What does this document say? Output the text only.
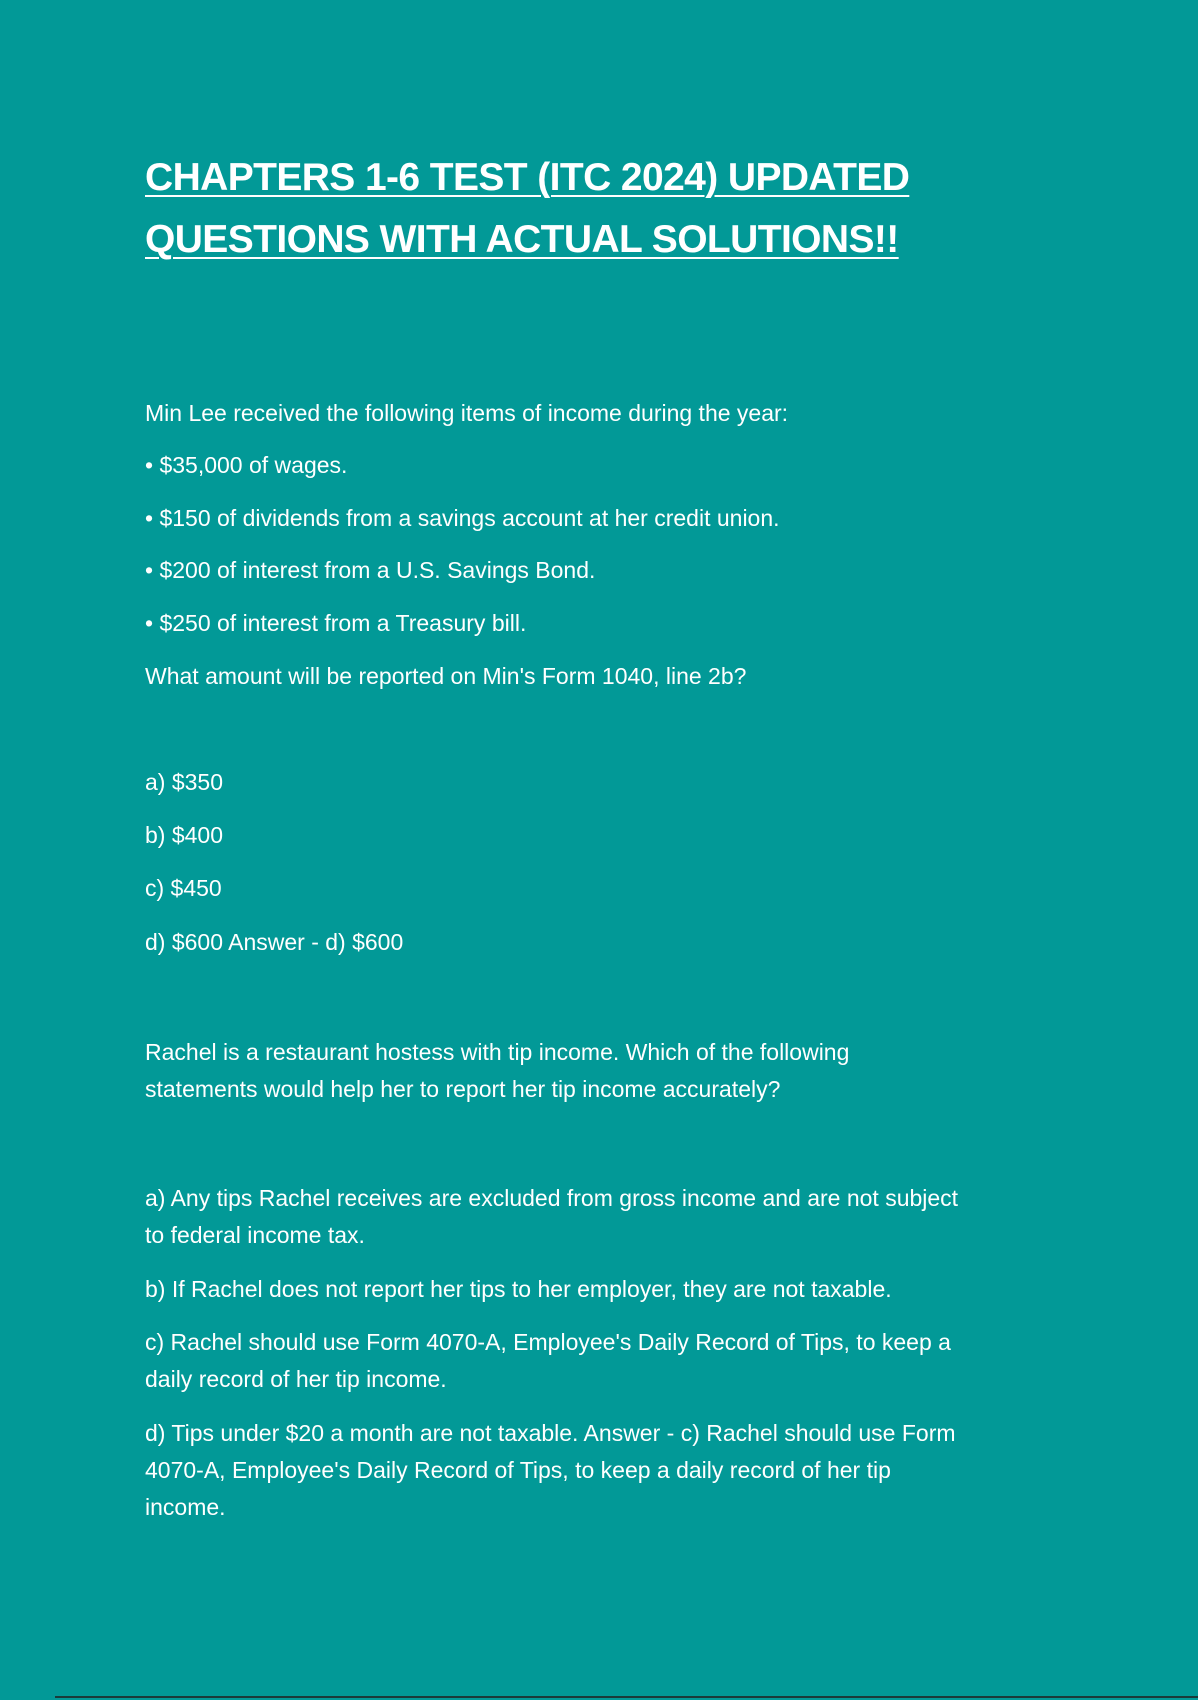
CHAPTERS 1-6 TEST (ITC 2024) UPDATED
QUESTIONS WITH ACTUAL SOLUTIONS!!
Min Lee received the following items of income during the year:
• $35,000 of wages.
• $150 of dividends from a savings account at her credit union.
• $200 of interest from a U.S. Savings Bond.
• $250 of interest from a Treasury bill.
What amount will be reported on Min's Form 1040, line 2b?
a) $350
b) $400
c) $450
d) $600 Answer - d) $600
Rachel is a restaurant hostess with tip income. Which of the following
statements would help her to report her tip income accurately?
a) Any tips Rachel receives are excluded from gross income and are not subject
to federal income tax.
b) If Rachel does not report her tips to her employer, they are not taxable.
c) Rachel should use Form 4070-A, Employee's Daily Record of Tips, to keep a
daily record of her tip income.
d) Tips under $20 a month are not taxable. Answer - c) Rachel should use Form
4070-A, Employee's Daily Record of Tips, to keep a daily record of her tip
income.
